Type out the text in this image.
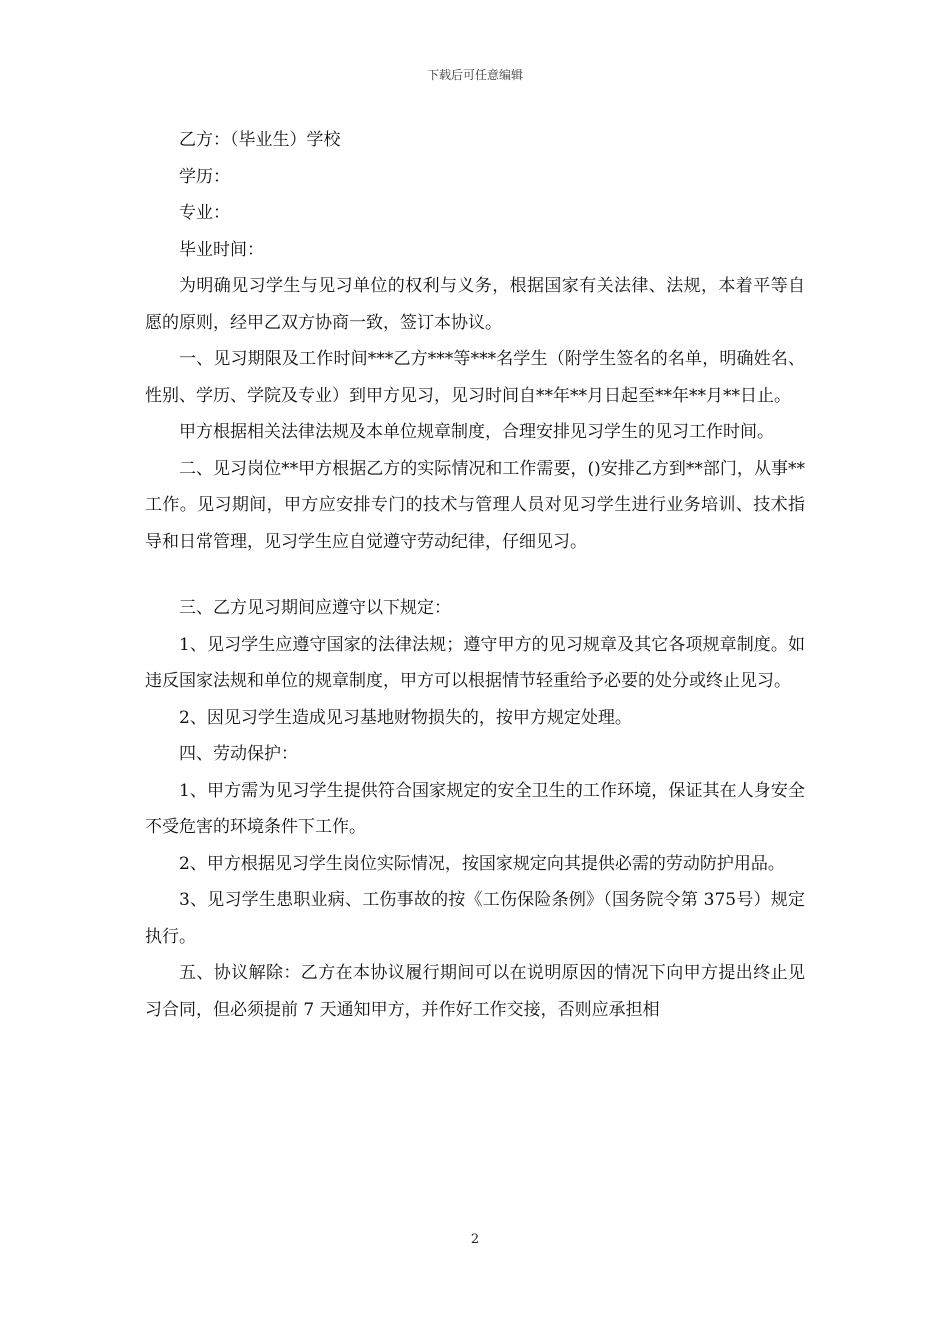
下载后可任意编辑

乙方：（毕业生）学校

学历：

专业：

毕业时间：

为明确见习学生与见习单位的权利与义务，根据国家有关法律、法规，本着平等自愿的原则，经甲乙双方协商一致，签订本协议。

一、见习期限及工作时间***乙方***等***名学生（附学生签名的名单，明确姓名、性别、学历、学院及专业）到甲方见习，见习时间自**年**月日起至**年**月**日止。

甲方根据相关法律法规及本单位规章制度，合理安排见习学生的见习工作时间。

二、见习岗位**甲方根据乙方的实际情况和工作需要，()安排乙方到**部门，从事**工作。见习期间，甲方应安排专门的技术与管理人员对见习学生进行业务培训、技术指导和日常管理，见习学生应自觉遵守劳动纪律，仔细见习。

三、乙方见习期间应遵守以下规定：

1、见习学生应遵守国家的法律法规；遵守甲方的见习规章及其它各项规章制度。如违反国家法规和单位的规章制度，甲方可以根据情节轻重给予必要的处分或终止见习。

2、因见习学生造成见习基地财物损失的，按甲方规定处理。

四、劳动保护：

1、甲方需为见习学生提供符合国家规定的安全卫生的工作环境，保证其在人身安全不受危害的环境条件下工作。

2、甲方根据见习学生岗位实际情况，按国家规定向其提供必需的劳动防护用品。

3、见习学生患职业病、工伤事故的按《工伤保险条例》（国务院令第 375号）规定执行。

五、协议解除：乙方在本协议履行期间可以在说明原因的情况下向甲方提出终止见习合同，但必须提前 7 天通知甲方，并作好工作交接，否则应承担相

2
